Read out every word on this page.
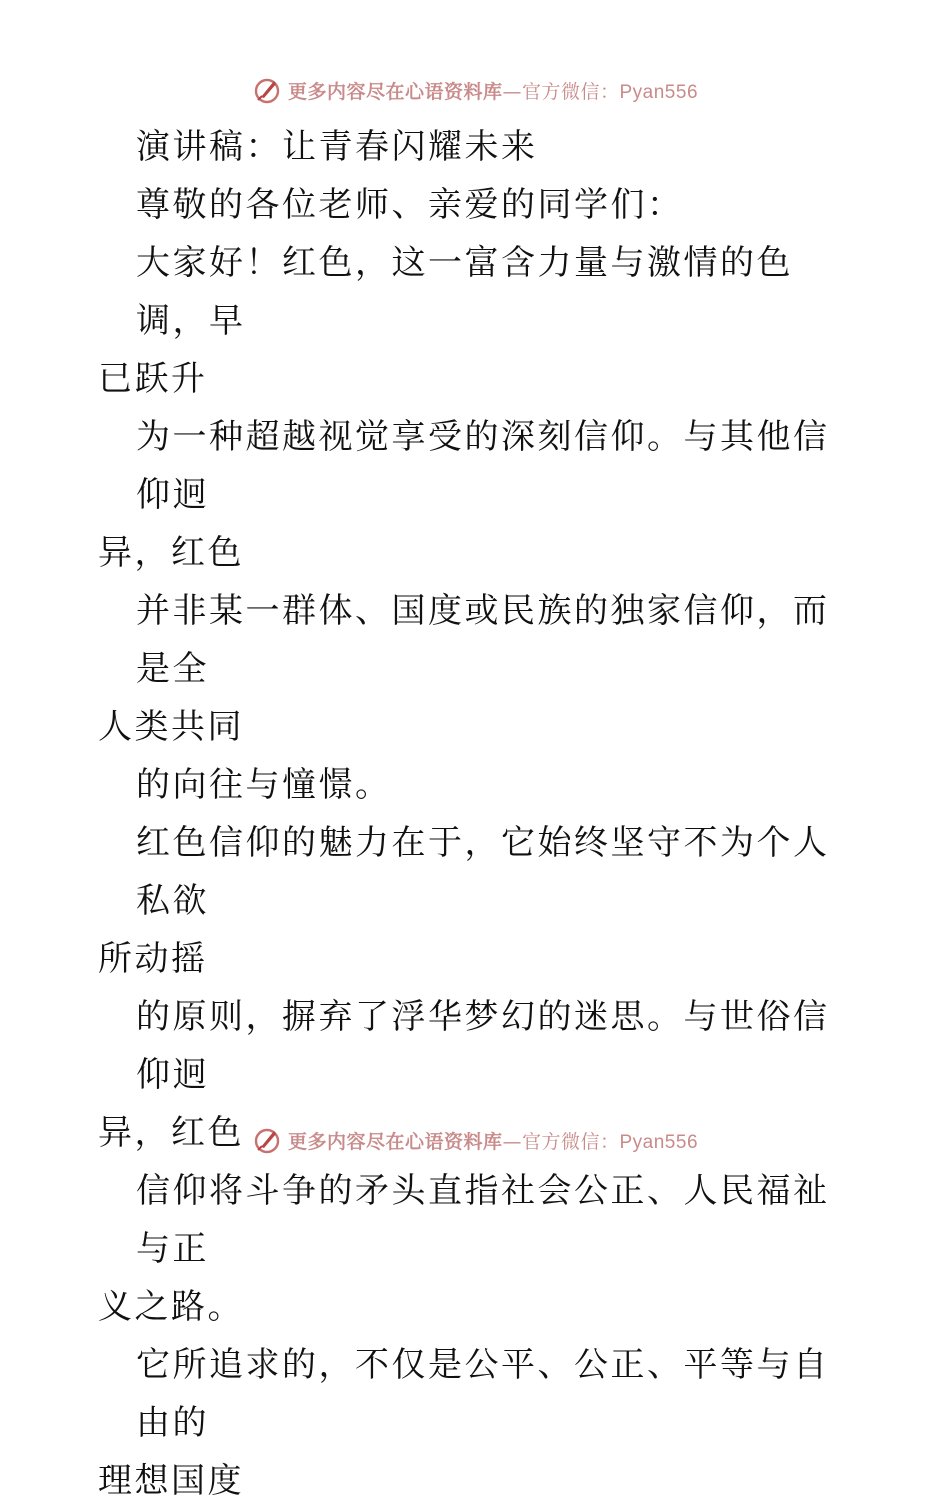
更多内容尽在心语资料库—官方微信：Pyan556

演讲稿：让青春闪耀未来

尊敬的各位老师、亲爱的同学们：

大家好！红色，这一富含力量与激情的色调，早

已跃升

为一种超越视觉享受的深刻信仰。与其他信仰迥

异，红色

并非某一群体、国度或民族的独家信仰，而是全

人类共同

的向往与憧憬。

红色信仰的魅力在于，它始终坚守不为个人私欲

所动摇

的原则，摒弃了浮华梦幻的迷思。与世俗信仰迥

异，红色

信仰将斗争的矛头直指社会公正、人民福祉与正

义之路。

它所追求的，不仅是公平、公正、平等与自由的

理想国度

更多内容尽在心语资料库—官方微信：Pyan556
